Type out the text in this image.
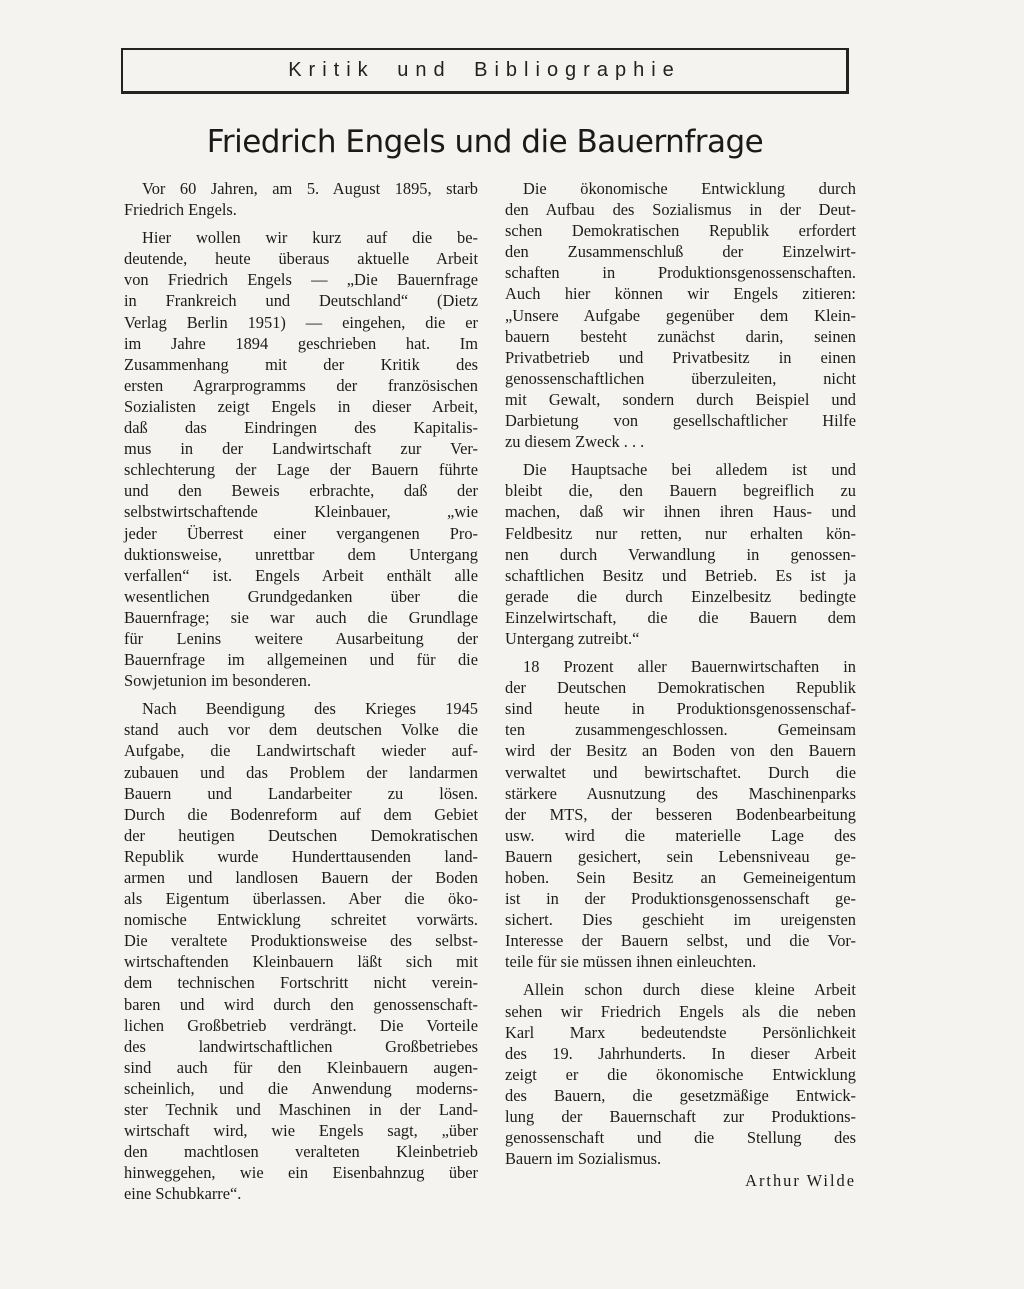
Kritik und Bibliographie
Friedrich Engels und die Bauernfrage
Vor 60 Jahren, am 5. August 1895, starb
Friedrich Engels.
Hier wollen wir kurz auf die be-
deutende, heute überaus aktuelle Arbeit
von Friedrich Engels — „Die Bauernfrage
in Frankreich und Deutschland“ (Dietz
Verlag Berlin 1951) — eingehen, die er
im Jahre 1894 geschrieben hat. Im
Zusammenhang mit der Kritik des
ersten Agrarprogramms der französischen
Sozialisten zeigt Engels in dieser Arbeit,
daß das Eindringen des Kapitalis-
mus in der Landwirtschaft zur Ver-
schlechterung der Lage der Bauern führte
und den Beweis erbrachte, daß der
selbstwirtschaftende Kleinbauer, „wie
jeder Überrest einer vergangenen Pro-
duktionsweise, unrettbar dem Untergang
verfallen“ ist. Engels Arbeit enthält alle
wesentlichen Grundgedanken über die
Bauernfrage; sie war auch die Grundlage
für Lenins weitere Ausarbeitung der
Bauernfrage im allgemeinen und für die
Sowjetunion im besonderen.
Nach Beendigung des Krieges 1945
stand auch vor dem deutschen Volke die
Aufgabe, die Landwirtschaft wieder auf-
zubauen und das Problem der landarmen
Bauern und Landarbeiter zu lösen.
Durch die Bodenreform auf dem Gebiet
der heutigen Deutschen Demokratischen
Republik wurde Hunderttausenden land-
armen und landlosen Bauern der Boden
als Eigentum überlassen. Aber die öko-
nomische Entwicklung schreitet vorwärts.
Die veraltete Produktionsweise des selbst-
wirtschaftenden Kleinbauern läßt sich mit
dem technischen Fortschritt nicht verein-
baren und wird durch den genossenschaft-
lichen Großbetrieb verdrängt. Die Vorteile
des landwirtschaftlichen Großbetriebes
sind auch für den Kleinbauern augen-
scheinlich, und die Anwendung moderns-
ster Technik und Maschinen in der Land-
wirtschaft wird, wie Engels sagt, „über
den machtlosen veralteten Kleinbetrieb
hinweggehen, wie ein Eisenbahnzug über
eine Schubkarre“.
Die ökonomische Entwicklung durch
den Aufbau des Sozialismus in der Deut-
schen Demokratischen Republik erfordert
den Zusammenschluß der Einzelwirt-
schaften in Produktionsgenossenschaften.
Auch hier können wir Engels zitieren:
„Unsere Aufgabe gegenüber dem Klein-
bauern besteht zunächst darin, seinen
Privatbetrieb und Privatbesitz in einen
genossenschaftlichen überzuleiten, nicht
mit Gewalt, sondern durch Beispiel und
Darbietung von gesellschaftlicher Hilfe
zu diesem Zweck . . .
Die Hauptsache bei alledem ist und
bleibt die, den Bauern begreiflich zu
machen, daß wir ihnen ihren Haus- und
Feldbesitz nur retten, nur erhalten kön-
nen durch Verwandlung in genossen-
schaftlichen Besitz und Betrieb. Es ist ja
gerade die durch Einzelbesitz bedingte
Einzelwirtschaft, die die Bauern dem
Untergang zutreibt.“
18 Prozent aller Bauernwirtschaften in
der Deutschen Demokratischen Republik
sind heute in Produktionsgenossenschaf-
ten zusammengeschlossen. Gemeinsam
wird der Besitz an Boden von den Bauern
verwaltet und bewirtschaftet. Durch die
stärkere Ausnutzung des Maschinenparks
der MTS, der besseren Bodenbearbeitung
usw. wird die materielle Lage des
Bauern gesichert, sein Lebensniveau ge-
hoben. Sein Besitz an Gemeineigentum
ist in der Produktionsgenossenschaft ge-
sichert. Dies geschieht im ureigensten
Interesse der Bauern selbst, und die Vor-
teile für sie müssen ihnen einleuchten.
Allein schon durch diese kleine Arbeit
sehen wir Friedrich Engels als die neben
Karl Marx bedeutendste Persönlichkeit
des 19. Jahrhunderts. In dieser Arbeit
zeigt er die ökonomische Entwicklung
des Bauern, die gesetzmäßige Entwick-
lung der Bauernschaft zur Produktions-
genossenschaft und die Stellung des
Bauern im Sozialismus.
Arthur Wilde
